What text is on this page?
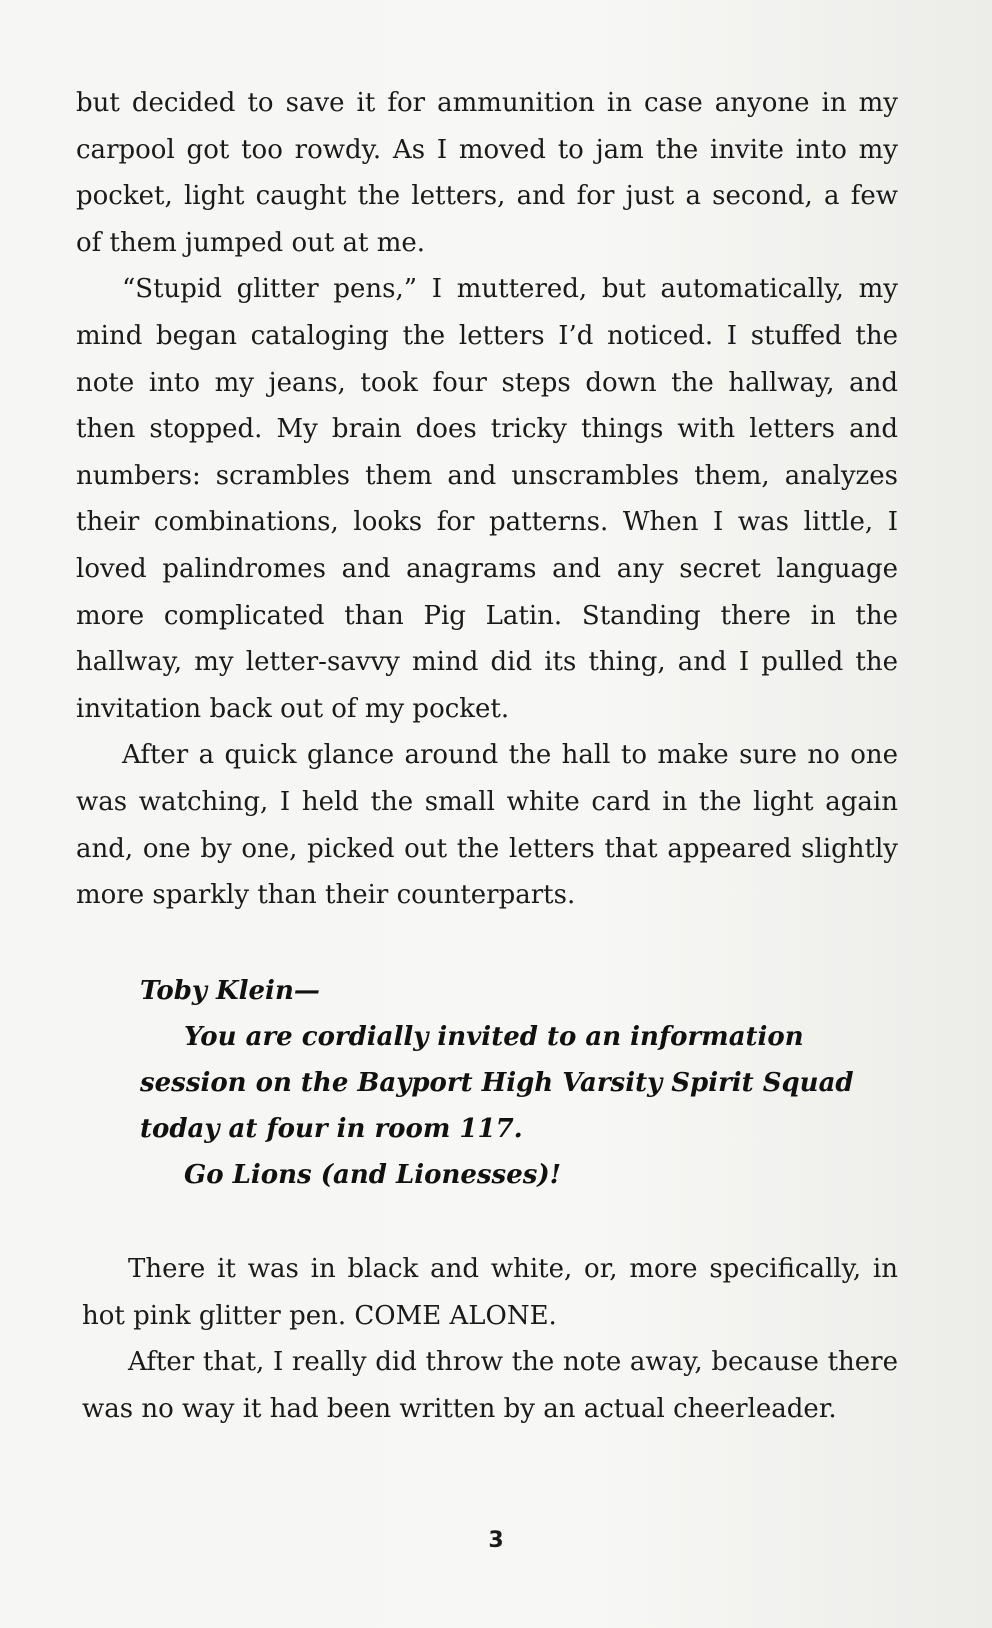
but decided to save it for ammunition in case anyone in my carpool got too rowdy. As I moved to jam the invite into my pocket, light caught the letters, and for just a second, a few of them jumped out at me.

“Stupid glitter pens,” I muttered, but automatically, my mind began cataloging the letters I’d noticed. I stuffed the note into my jeans, took four steps down the hallway, and then stopped. My brain does tricky things with letters and numbers: scrambles them and unscrambles them, analyzes their combinations, looks for patterns. When I was little, I loved palindromes and anagrams and any secret language more complicated than Pig Latin. Standing there in the hallway, my letter-savvy mind did its thing, and I pulled the invitation back out of my pocket.

After a quick glance around the hall to make sure no one was watching, I held the small white card in the light again and, one by one, picked out the letters that appeared slightly more sparkly than their counterparts.

Toby Klein—

You are cordially invited to an information session on the Bayport High Varsity Spirit Squad today at four in room 117.

Go Lions (and Lionesses)!

There it was in black and white, or, more specifically, in hot pink glitter pen. COME ALONE.

After that, I really did throw the note away, because there was no way it had been written by an actual cheerleader.

3
